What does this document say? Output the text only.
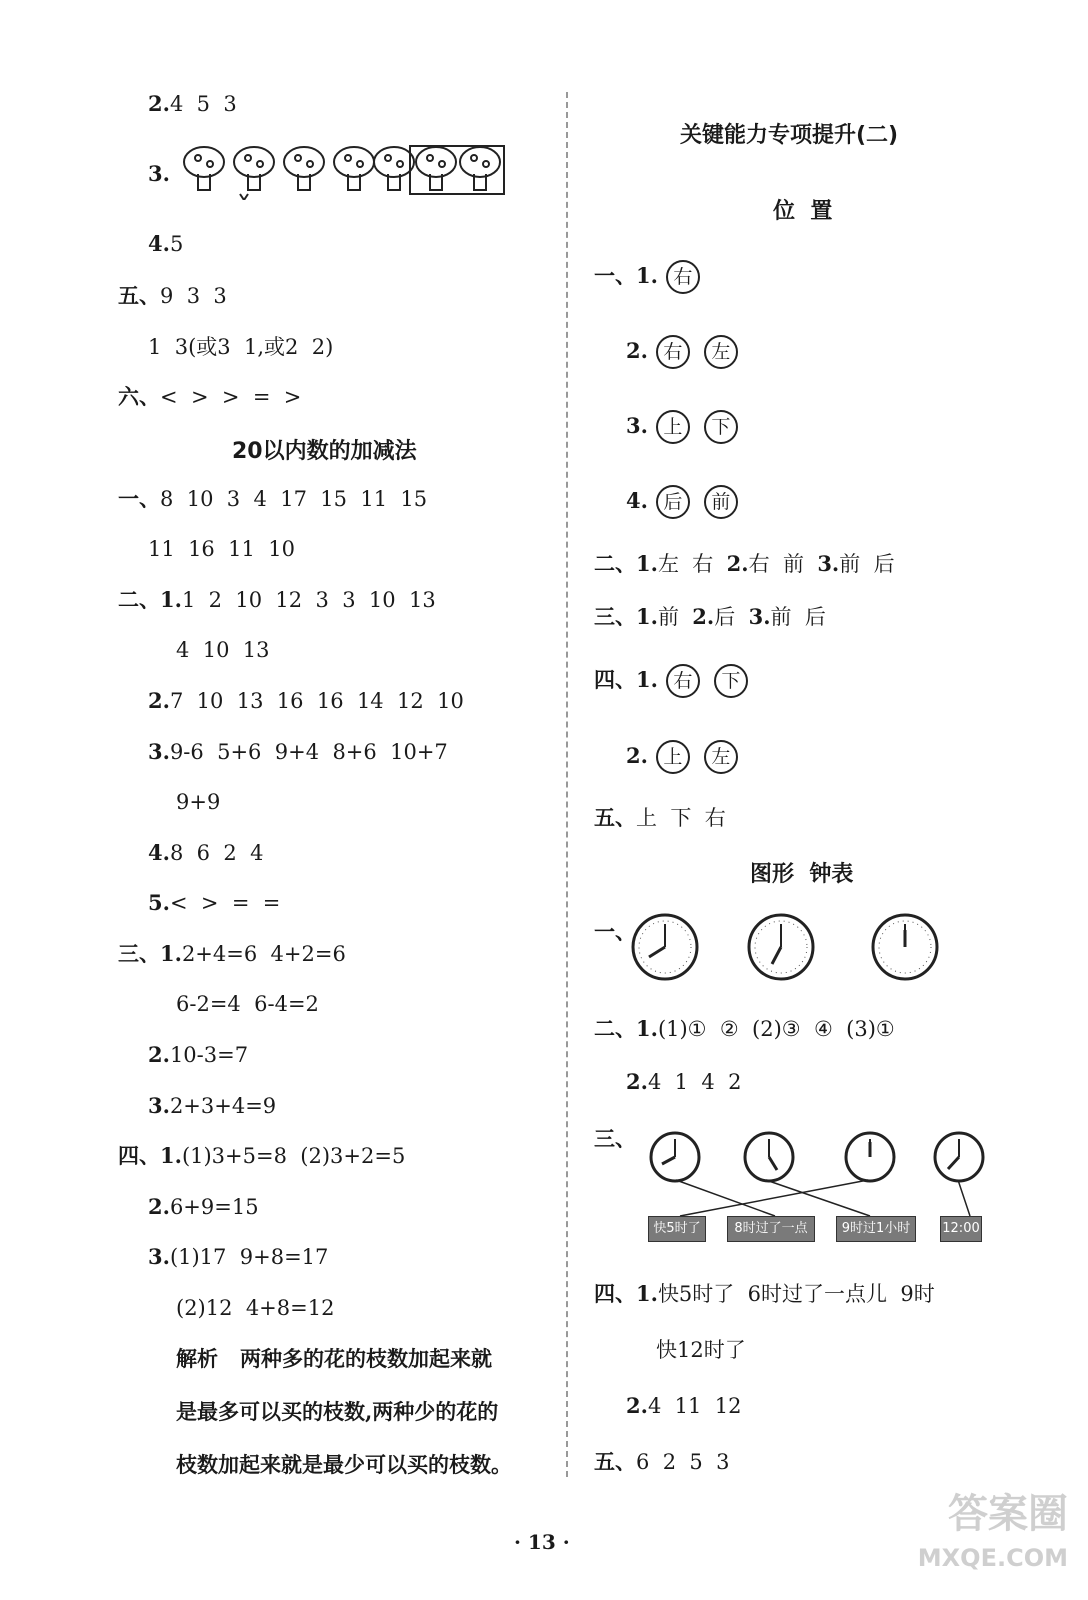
2.4  5  3
3.
4.5
五、9  3  3
1  3(或3  1,或2  2)
六、<  >  >  =  >
20以内数的加减法
一、8  10  3  4  17  15  11  15
11  16  11  10
二、1.1  2  10  12  3  3  10  13
4  10  13
2.7  10  13  16  16  14  12  10
3.9-6  5+6  9+4  8+6  10+7
9+9
4.8  6  2  4
5.<  >  =  =
三、1.2+4=6  4+2=6
6-2=4  6-4=2
2.10-3=7
3.2+3+4=9
四、1.(1)3+5=8  (2)3+2=5
2.6+9=15
3.(1)17  9+8=17
(2)12  4+8=12
解析 两种多的花的枝数加起来就
是最多可以买的枝数,两种少的花的
枝数加起来就是最少可以买的枝数。
关键能力专项提升(二)
位  置
一、1. 右
2. 右 左
3. 上 下
4. 后 前
二、1.左  右 2.右  前 3.前  后
三、1.前 2.后 3.前  后
四、1. 右 下
2. 上 左
五、上  下  右
图形  钟表
一、
二、1.(1)①  ②  (2)③  ④  (3)①
2.4  1  4  2
三、
快5时了	8时过了一点儿
9时过1小时	12:00
四、1.快5时了  6时过了一点儿  9时
快12时了
2.4  11  12
五、6  2  5  3
· 13 ·
答案圈
MXQE.COM
